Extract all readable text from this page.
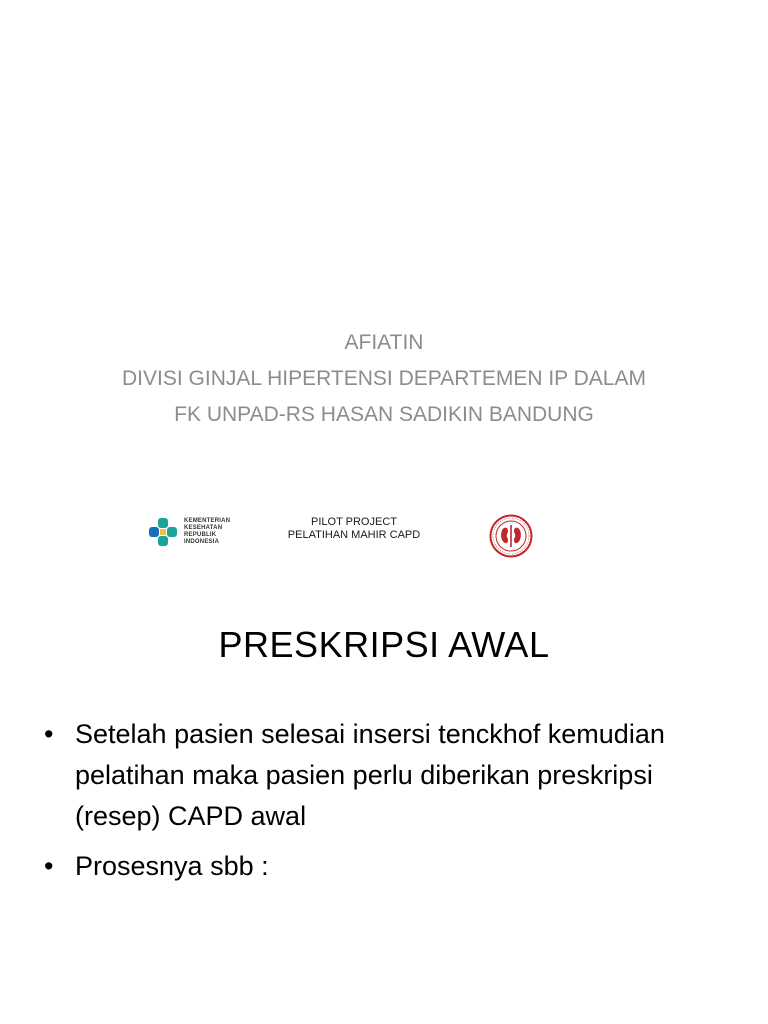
AFIATIN
DIVISI GINJAL HIPERTENSI DEPARTEMEN IP DALAM
FK UNPAD-RS HASAN SADIKIN BANDUNG
KEMENTERIAN
KESEHATAN
REPUBLIK
INDONESIA
PILOT PROJECT
PELATIHAN MAHIR CAPD
PRESKRIPSI AWAL
• Setelah pasien selesai insersi tenckhof kemudian pelatihan maka pasien perlu diberikan preskripsi (resep) CAPD awal
• Prosesnya sbb :
